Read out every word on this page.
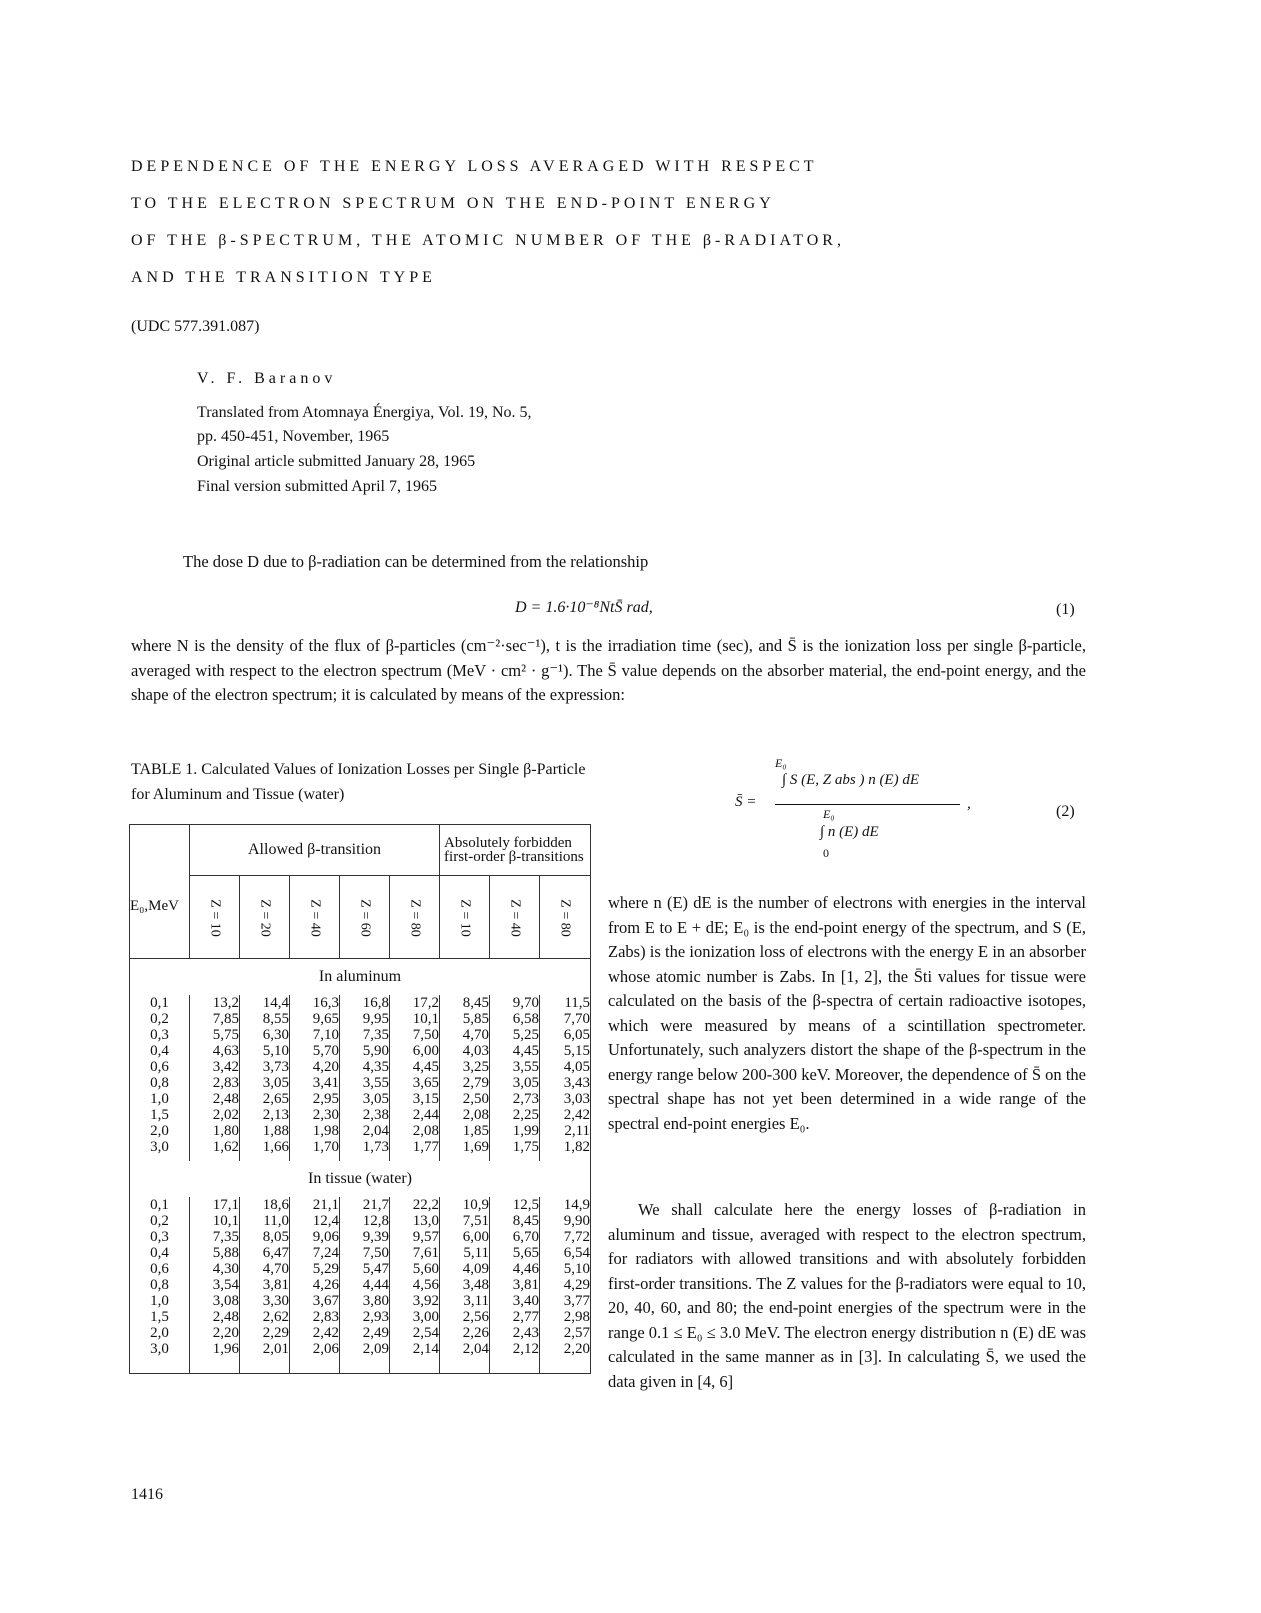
DEPENDENCE OF THE ENERGY LOSS AVERAGED WITH RESPECT
TO THE ELECTRON SPECTRUM ON THE END-POINT ENERGY
OF THE β-SPECTRUM, THE ATOMIC NUMBER OF THE β-RADIATOR,
AND THE TRANSITION TYPE
(UDC 577.391.087)
V. F. Baranov
Translated from Atomnaya Énergiya, Vol. 19, No. 5,
pp. 450-451, November, 1965
Original article submitted January 28, 1965
Final version submitted April 7, 1965
The dose D due to β-radiation can be determined from the relationship
D = 1.6·10⁻⁸NtS̄ rad,	(1)
where N is the density of the flux of β-particles (cm⁻²·sec⁻¹), t is the irradiation time (sec), and S̄ is the ionization loss per single β-particle, averaged with respect to the electron spectrum (MeV · cm² · g⁻¹). The S̄ value depends on the absorber material, the end-point energy, and the shape of the electron spectrum; it is calculated by means of the expression:
TABLE 1. Calculated Values of Ionization Losses per Single β-Particle for Aluminum and Tissue (water)
E₀
∫ S (E, Z abs ) n (E) dE
S̄ =	,
E₀
∫ n (E) dE
0
(2)
E₀,MeV	Allowed β-transition					Absolutely forbidden first-order β-transitions		
	Z = 10	Z = 20	Z = 40	Z = 60	Z = 80	Z = 10	Z = 40	Z = 80
In aluminum								
0,1	13,2	14,4	16,3	16,8	17,2	8,45	9,70	11,5
0,2	7,85	8,55	9,65	9,95	10,1	5,85	6,58	7,70
0,3	5,75	6,30	7,10	7,35	7,50	4,70	5,25	6,05
0,4	4,63	5,10	5,70	5,90	6,00	4,03	4,45	5,15
0,6	3,42	3,73	4,20	4,35	4,45	3,25	3,55	4,05
0,8	2,83	3,05	3,41	3,55	3,65	2,79	3,05	3,43
1,0	2,48	2,65	2,95	3,05	3,15	2,50	2,73	3,03
1,5	2,02	2,13	2,30	2,38	2,44	2,08	2,25	2,42
2,0	1,80	1,88	1,98	2,04	2,08	1,85	1,99	2,11
3,0	1,62	1,66	1,70	1,73	1,77	1,69	1,75	1,82

In tissue (water)								
0,1	17,1	18,6	21,1	21,7	22,2	10,9	12,5	14,9
0,2	10,1	11,0	12,4	12,8	13,0	7,51	8,45	9,90
0,3	7,35	8,05	9,06	9,39	9,57	6,00	6,70	7,72
0,4	5,88	6,47	7,24	7,50	7,61	5,11	5,65	6,54
0,6	4,30	4,70	5,29	5,47	5,60	4,09	4,46	5,10
0,8	3,54	3,81	4,26	4,44	4,56	3,48	3,81	4,29
1,0	3,08	3,30	3,67	3,80	3,92	3,11	3,40	3,77
1,5	2,48	2,62	2,83	2,93	3,00	2,56	2,77	2,98
2,0	2,20	2,29	2,42	2,49	2,54	2,26	2,43	2,57
3,0	1,96	2,01	2,06	2,09	2,14	2,04	2,12	2,20

where n (E) dE is the number of electrons with energies in the interval from E to E + dE; E₀ is the end-point energy of the spectrum, and S (E, Zabs) is the ionization loss of electrons with the energy E in an absorber whose atomic number is Zabs. In [1, 2], the S̄ti values for tissue were calculated on the basis of the β-spectra of certain radioactive isotopes, which were measured by means of a scintillation spectrometer. Unfortunately, such analyzers distort the shape of the β-spectrum in the energy range below 200-300 keV. Moreover, the dependence of S̄ on the spectral shape has not yet been determined in a wide range of the spectral end-point energies E₀.
We shall calculate here the energy losses of β-radiation in aluminum and tissue, averaged with respect to the electron spectrum, for radiators with allowed transitions and with absolutely forbidden first-order transitions. The Z values for the β-radiators were equal to 10, 20, 40, 60, and 80; the end-point energies of the spectrum were in the range 0.1 ≤ E₀ ≤ 3.0 MeV. The electron energy distribution n (E) dE was calculated in the same manner as in [3]. In calculating S̄, we used the data given in [4, 6]
1416
